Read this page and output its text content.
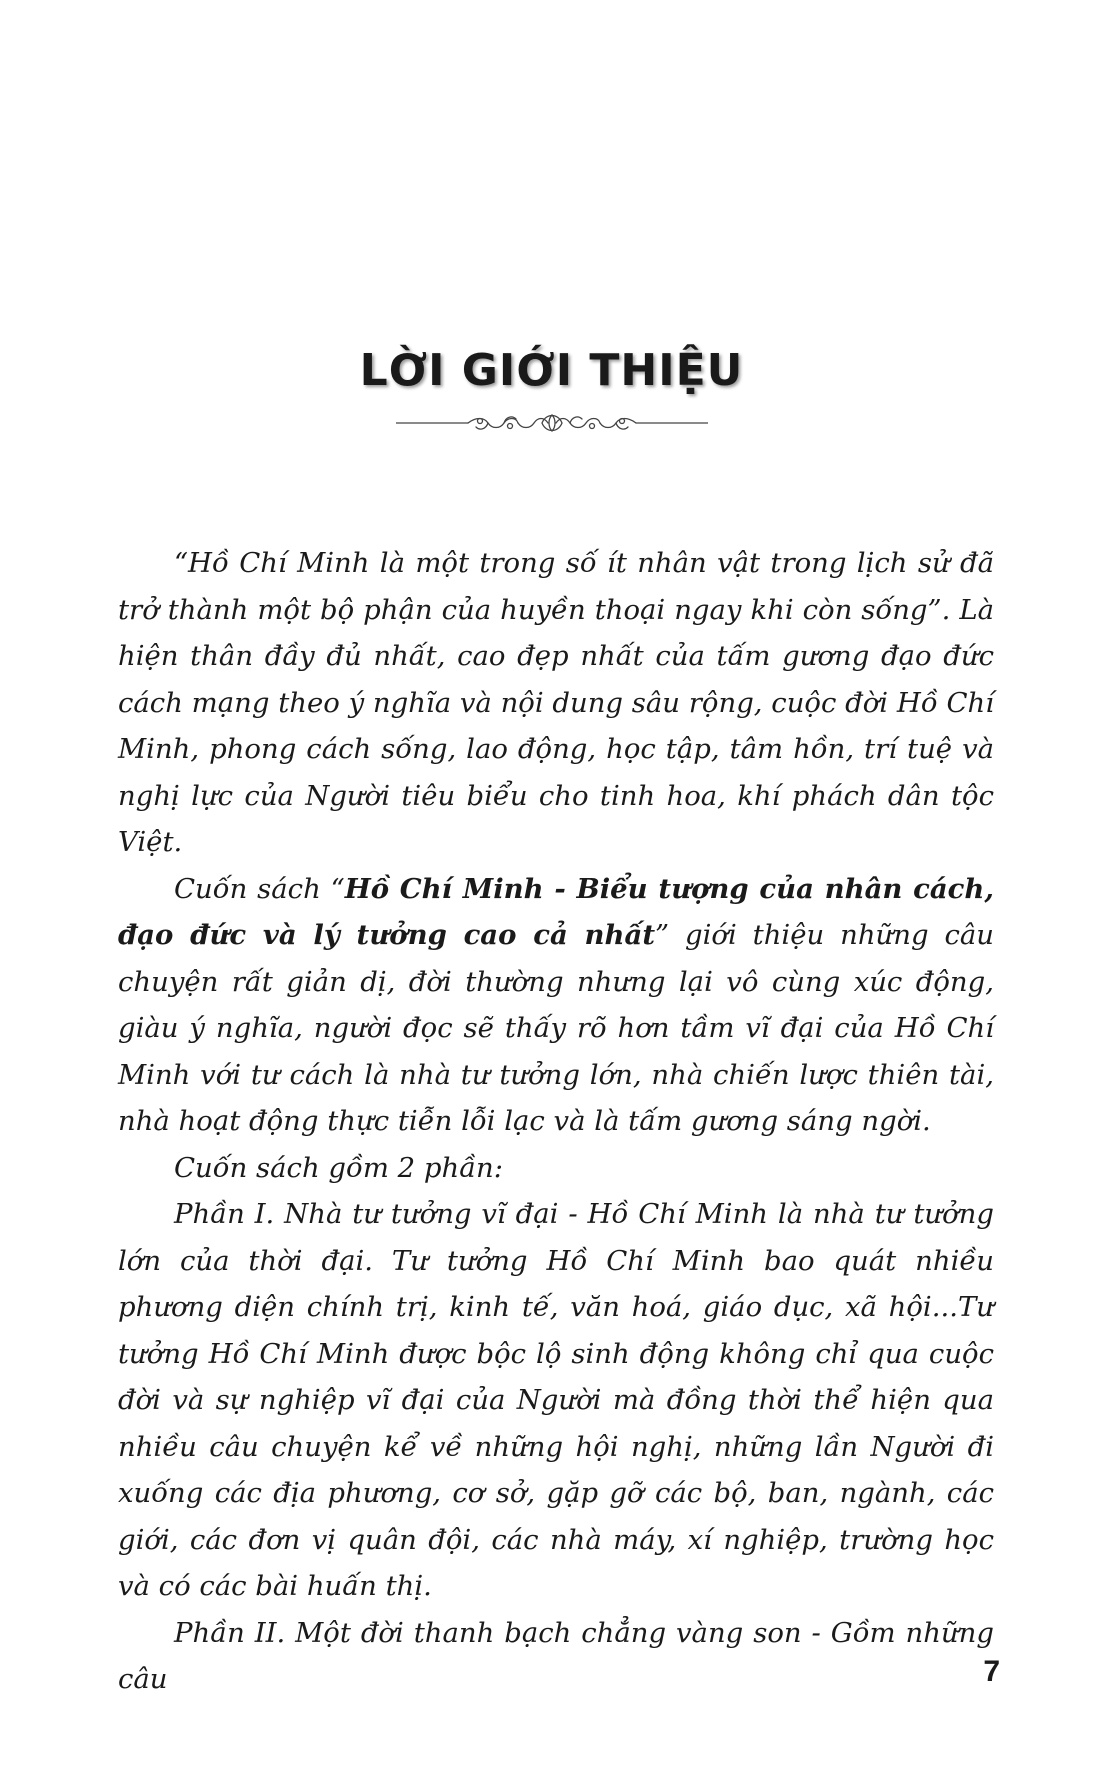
LỜI GIỚI THIỆU

“Hồ Chí Minh là một trong số ít nhân vật trong lịch sử đã trở thành một bộ phận của huyền thoại ngay khi còn sống”. Là hiện thân đầy đủ nhất, cao đẹp nhất của tấm gương đạo đức cách mạng theo ý nghĩa và nội dung sâu rộng, cuộc đời Hồ Chí Minh, phong cách sống, lao động, học tập, tâm hồn, trí tuệ và nghị lực của Người tiêu biểu cho tinh hoa, khí phách dân tộc Việt.

Cuốn sách “Hồ Chí Minh - Biểu tượng của nhân cách, đạo đức và lý tưởng cao cả nhất” giới thiệu những câu chuyện rất giản dị, đời thường nhưng lại vô cùng xúc động, giàu ý nghĩa, người đọc sẽ thấy rõ hơn tầm vĩ đại của Hồ Chí Minh với tư cách là nhà tư tưởng lớn, nhà chiến lược thiên tài, nhà hoạt động thực tiễn lỗi lạc và là tấm gương sáng ngời.

Cuốn sách gồm 2 phần:

Phần I. Nhà tư tưởng vĩ đại - Hồ Chí Minh là nhà tư tưởng lớn của thời đại. Tư tưởng Hồ Chí Minh bao quát nhiều phương diện chính trị, kinh tế, văn hoá, giáo dục, xã hội...Tư tưởng Hồ Chí Minh được bộc lộ sinh động không chỉ qua cuộc đời và sự nghiệp vĩ đại của Người mà đồng thời thể hiện qua nhiều câu chuyện kể về những hội nghị, những lần Người đi xuống các địa phương, cơ sở, gặp gỡ các bộ, ban, ngành, các giới, các đơn vị quân đội, các nhà máy, xí nghiệp, trường học và có các bài huấn thị.

Phần II. Một đời thanh bạch chẳng vàng son - Gồm những câu	7
